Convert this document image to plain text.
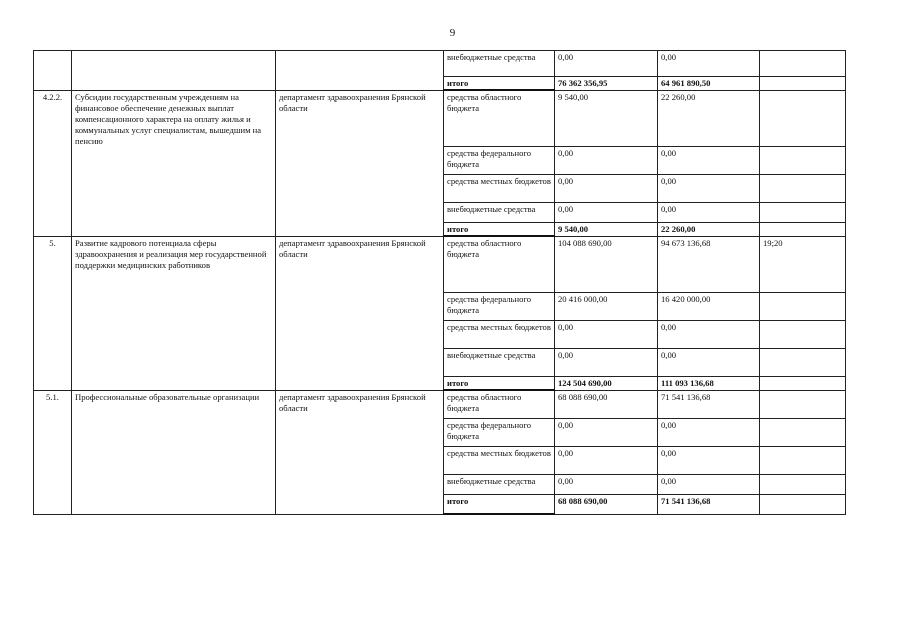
9
			внебюджетные средства	0,00	0,00	
			итого	76 362 356,95	64 961 890,50	
4.2.2.	Субсидии государственным учреждениям на финансовое обеспечение денежных выплат компенсационного характера на оплату жилья и коммунальных услуг специалистам, вышедшим на пенсию	департамент здравоохранения Брянской области	средства областного бюджета	9 540,00	22 260,00	
			средства федерального бюджета	0,00	0,00	
			средства местных бюджетов	0,00	0,00	
			внебюджетные средства	0,00	0,00	
			итого	9 540,00	22 260,00	
5.	Развитие кадрового потенциала сферы здравоохранения и реализация мер государственной поддержки медицинских работников	департамент здравоохранения Брянской области	средства областного бюджета	104 088 690,00	94 673 136,68	19;20
			средства федерального бюджета	20 416 000,00	16 420 000,00	
			средства местных бюджетов	0,00	0,00	
			внебюджетные средства	0,00	0,00	
			итого	124 504 690,00	111 093 136,68	
5.1.	Профессиональные образовательные организации	департамент здравоохранения Брянской области	средства областного бюджета	68 088 690,00	71 541 136,68	
			средства федерального бюджета	0,00	0,00	
			средства местных бюджетов	0,00	0,00	
			внебюджетные средства	0,00	0,00	
			итого	68 088 690,00	71 541 136,68	
